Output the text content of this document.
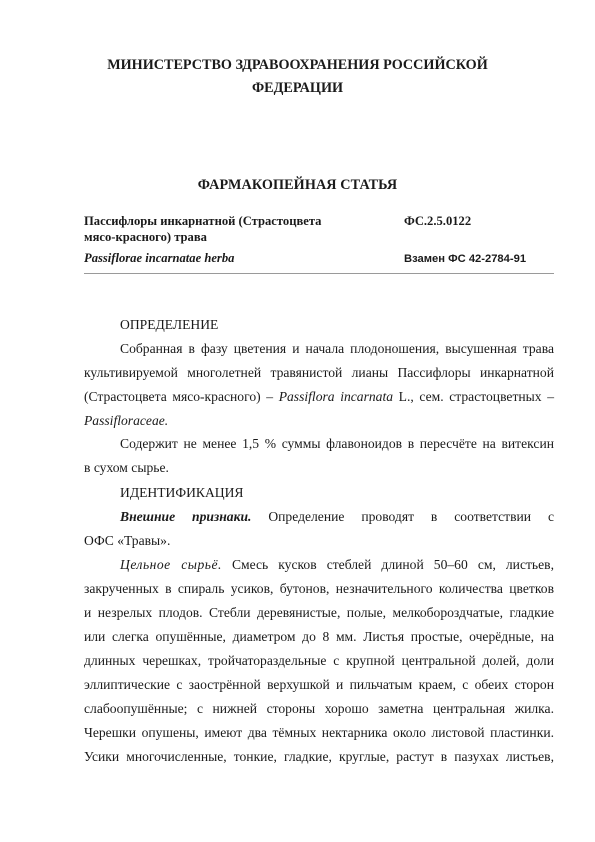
МИНИСТЕРСТВО ЗДРАВООХРАНЕНИЯ РОССИЙСКОЙ
ФЕДЕРАЦИИ
ФАРМАКОПЕЙНАЯ СТАТЬЯ
Пассифлоры инкарнатной (Страстоцвета
мясо-красного) трава
ФС.2.5.0122
Passiflorae incarnatae herba	Взамен ФС 42-2784-91
ОПРЕДЕЛЕНИЕ
Собранная в фазу цветения и начала плодоношения, высушенная трава
культивируемой многолетней травянистой лианы Пассифлоры инкарнатной
(Страстоцвета мясо-красного) – Passiflora incarnata L., сем. страстоцветных –
Passifloraceae.
Содержит не менее 1,5 % суммы флавоноидов в пересчёте на витексин
в сухом сырье.
ИДЕНТИФИКАЦИЯ
Внешние признаки. Определение проводят в соответствии с
ОФС «Травы».
Цельное сырьё. Смесь кусков стеблей длиной 50–60 см, листьев,
закрученных в спираль усиков, бутонов, незначительного количества цветков
и незрелых плодов. Стебли деревянистые, полые, мелкобороздчатые, гладкие
или слегка опушённые, диаметром до 8 мм. Листья простые, очерёдные, на
длинных черешках, тройчатораздельные с крупной центральной долей, доли
эллиптические с заострённой верхушкой и пильчатым краем, с обеих сторон
слабоопушённые; с нижней стороны хорошо заметна центральная жилка.
Черешки опушены, имеют два тёмных нектарника около листовой пластинки.
Усики многочисленные, тонкие, гладкие, круглые, растут в пазухах листьев,
